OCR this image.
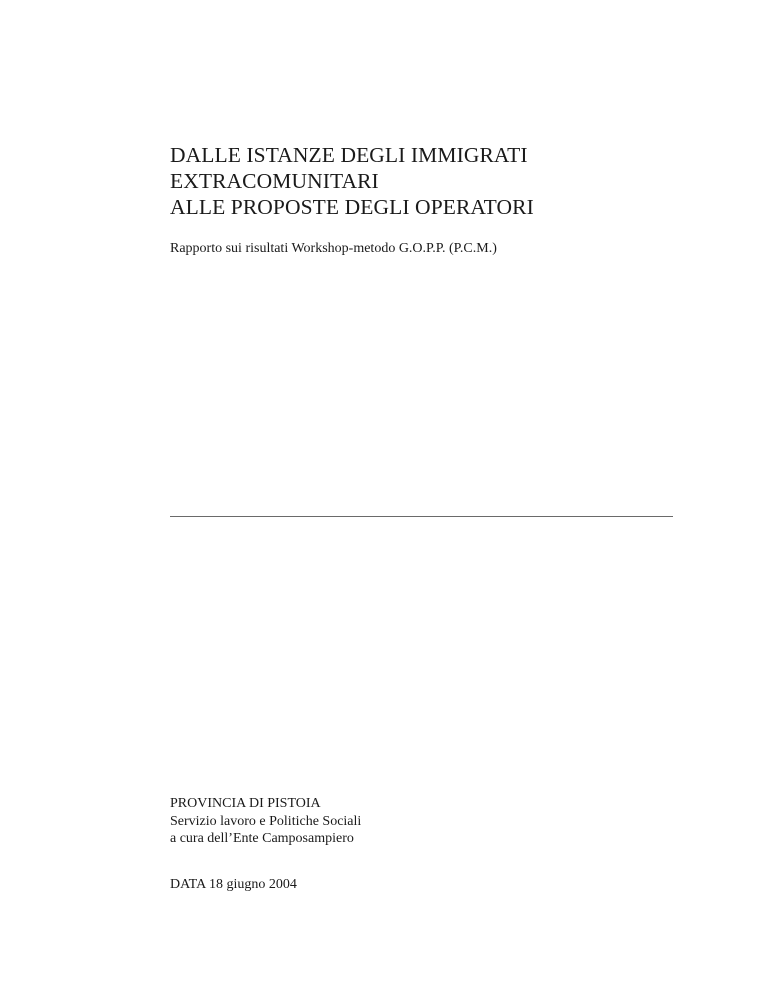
DALLE ISTANZE DEGLI IMMIGRATI
EXTRACOMUNITARI
ALLE PROPOSTE DEGLI OPERATORI
Rapporto sui risultati Workshop-metodo G.O.P.P. (P.C.M.)
PROVINCIA DI PISTOIA
Servizio lavoro e Politiche Sociali
a cura dell’Ente Camposampiero
DATA 18 giugno 2004
